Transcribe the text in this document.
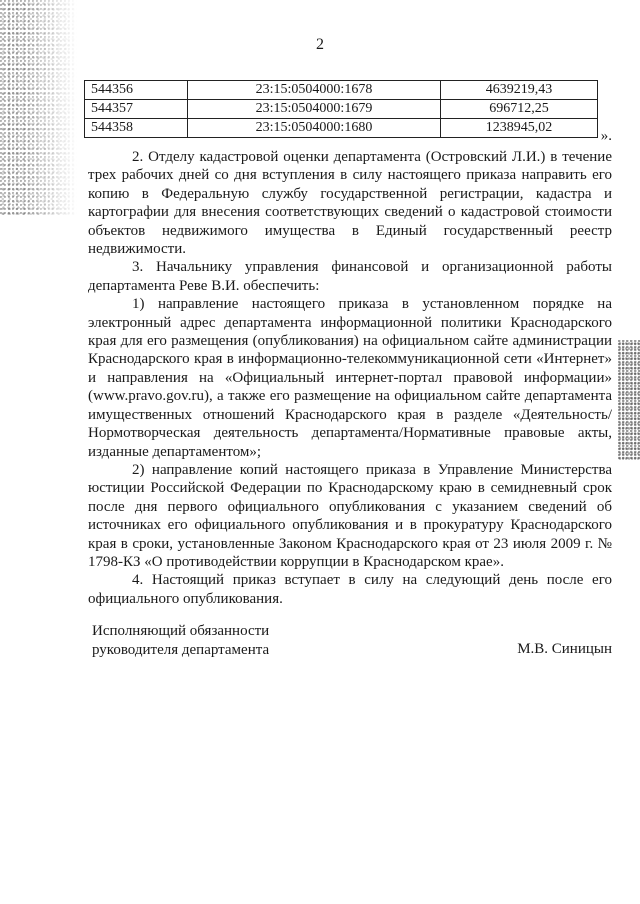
2
544356	23:15:0504000:1678	4639219,43
544357	23:15:0504000:1679	696712,25
544358	23:15:0504000:1680	1238945,02
».

2. Отделу кадастровой оценки департамента (Островский Л.И.) в течение трех рабочих дней со дня вступления в силу настоящего приказа направить его копию в Федеральную службу государственной регистрации, кадастра и картографии для внесения соответствующих сведений о кадастровой стоимости объектов недвижимого имущества в Единый государственный реестр недвижимости.

3. Начальнику управления финансовой и организационной работы департамента Реве В.И. обеспечить:

1) направление настоящего приказа в установленном порядке на электронный адрес департамента информационной политики Краснодарского края для его размещения (опубликования) на официальном сайте администрации Краснодарского края в информационно-телекоммуникационной сети «Интернет» и направления на «Официальный интернет-портал правовой информации» (www.pravo.gov.ru), а также его размещение на официальном сайте департамента имущественных отношений Краснодарского края в разделе «Деятельность/Нормотворческая деятельность департамента/Нормативные правовые акты, изданные департаментом»;

2) направление копий настоящего приказа в Управление Министерства юстиции Российской Федерации по Краснодарскому краю в семидневный срок после дня первого официального опубликования с указанием сведений об источниках его официального опубликования и в прокуратуру Краснодарского края в сроки, установленные Законом Краснодарского края от 23 июля 2009 г. № 1798-КЗ «О противодействии коррупции в Краснодарском крае».

4. Настоящий приказ вступает в силу на следующий день после его официального опубликования.

Исполняющий обязанности
руководителя департамента	М.В. Синицын
